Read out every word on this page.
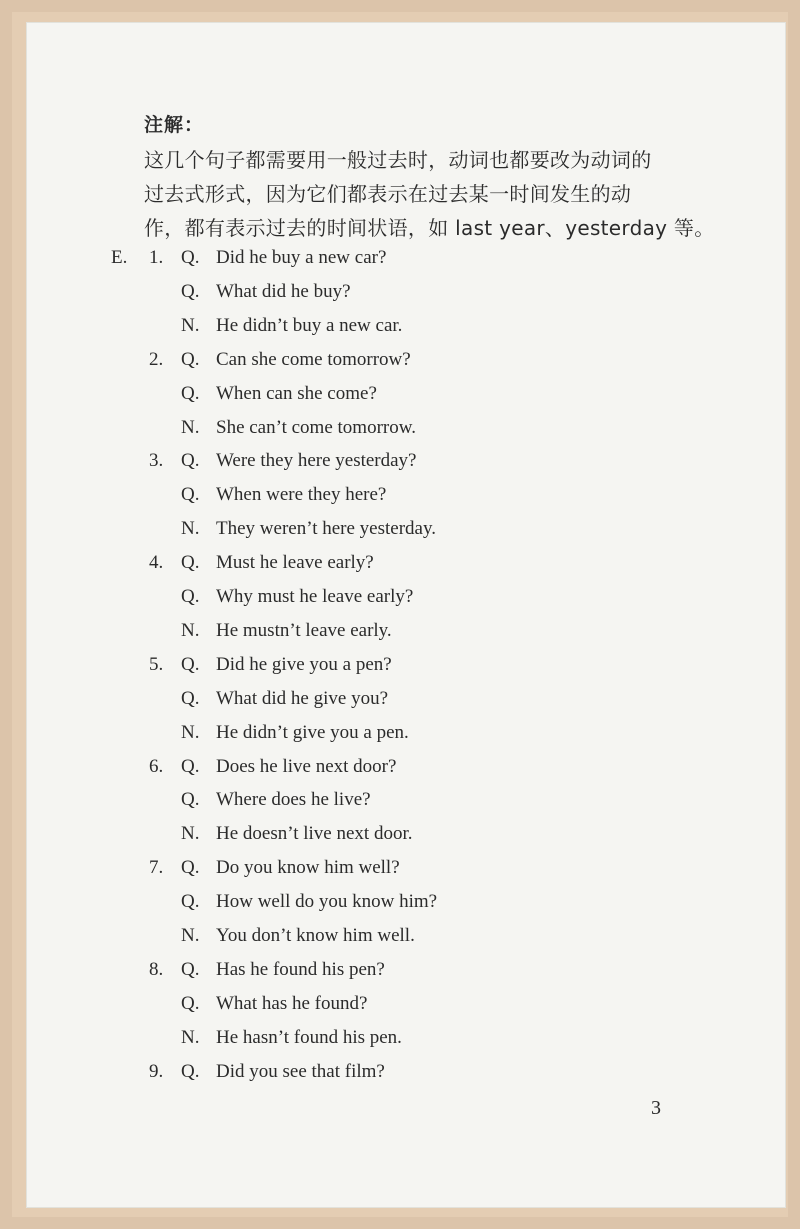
注解：
这几个句子都需要用一般过去时，动词也都要改为动词的
过去式形式，因为它们都表示在过去某一时间发生的动
作，都有表示过去的时间状语，如 last year、yesterday 等。
E. 1. Q. Did he buy a new car?
Q. What did he buy?
N. He didn’t buy a new car.
2. Q. Can she come tomorrow?
Q. When can she come?
N. She can’t come tomorrow.
3. Q. Were they here yesterday?
Q. When were they here?
N. They weren’t here yesterday.
4. Q. Must he leave early?
Q. Why must he leave early?
N. He mustn’t leave early.
5. Q. Did he give you a pen?
Q. What did he give you?
N. He didn’t give you a pen.
6. Q. Does he live next door?
Q. Where does he live?
N. He doesn’t live next door.
7. Q. Do you know him well?
Q. How well do you know him?
N. You don’t know him well.
8. Q. Has he found his pen?
Q. What has he found?
N. He hasn’t found his pen.
9. Q. Did you see that film?
3
